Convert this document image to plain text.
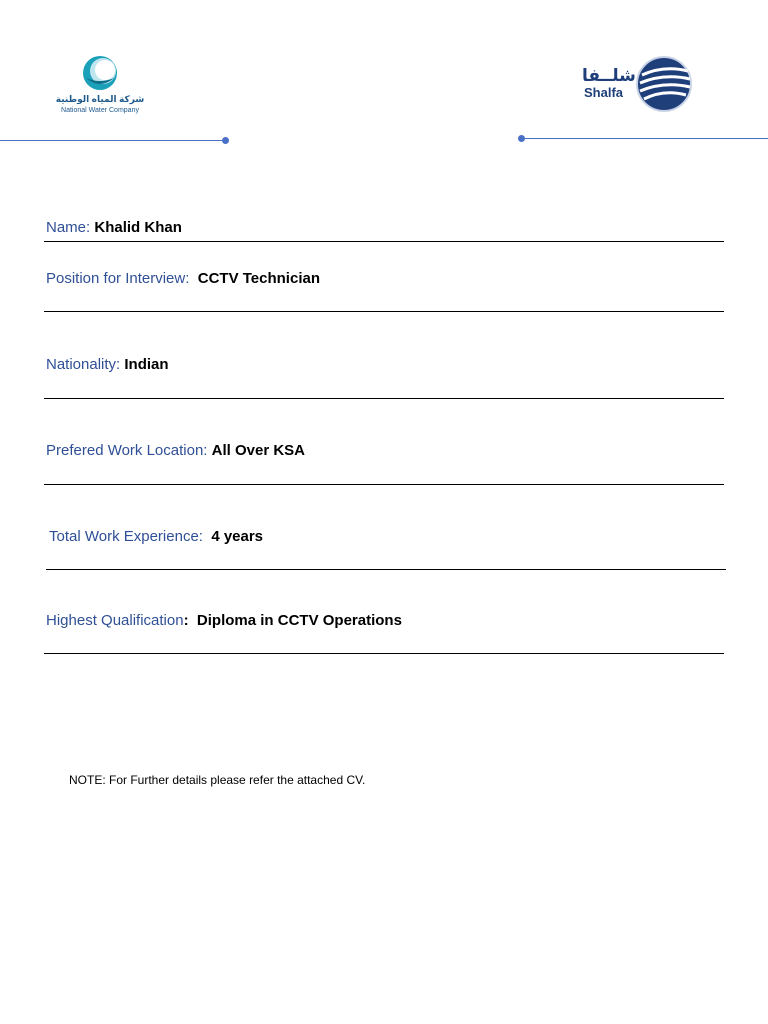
شركة المياه الوطنية
National Water Company
شلــفا
Shalfa
Name: Khalid Khan
Position for Interview: CCTV Technician
Nationality: Indian
Prefered Work Location: All Over KSA
Total Work Experience: 4 years
Highest Qualification: Diploma in CCTV Operations
NOTE: For Further details please refer the attached CV.
